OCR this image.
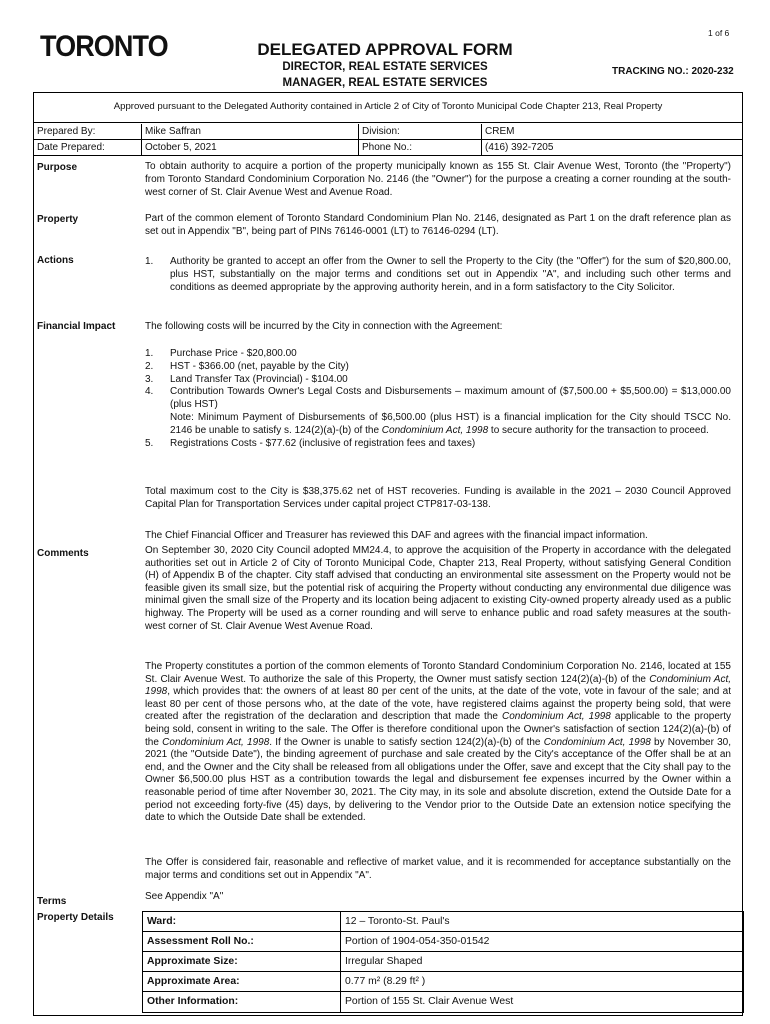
1 of 6
TORONTO	DELEGATED APPROVAL FORM
DIRECTOR, REAL ESTATE SERVICES
MANAGER, REAL ESTATE SERVICES
TRACKING NO.: 2020-232
Approved pursuant to the Delegated Authority contained in Article 2 of City of Toronto Municipal Code Chapter 213, Real Property
Prepared By:	Mike Saffran	Division:	CREM
Date Prepared:	October 5, 2021	Phone No.:	(416) 392-7205
Purpose	To obtain authority to acquire a portion of the property municipally known as 155 St. Clair Avenue West, Toronto (the "Property") from Toronto Standard Condominium Corporation No. 2146 (the "Owner") for the purpose a creating a corner rounding at the south-west corner of St. Clair Avenue West and Avenue Road.
Property	Part of the common element of Toronto Standard Condominium Plan No. 2146, designated as Part 1 on the draft reference plan as set out in Appendix "B", being part of PINs 76146-0001 (LT) to 76146-0294 (LT).
Actions	1. Authority be granted to accept an offer from the Owner to sell the Property to the City (the "Offer") for the sum of $20,800.00, plus HST, substantially on the major terms and conditions set out in Appendix "A", and including such other terms and conditions as deemed appropriate by the approving authority herein, and in a form satisfactory to the City Solicitor.
Financial Impact	The following costs will be incurred by the City in connection with the Agreement:
1. Purchase Price - $20,800.00
2. HST - $366.00 (net, payable by the City)
3. Land Transfer Tax (Provincial) - $104.00
4. Contribution Towards Owner's Legal Costs and Disbursements – maximum amount of ($7,500.00 + $5,500.00) = $13,000.00 (plus HST)
Note: Minimum Payment of Disbursements of $6,500.00 (plus HST) is a financial implication for the City should TSCC No. 2146 be unable to satisfy s. 124(2)(a)-(b) of the Condominium Act, 1998 to secure authority for the transaction to proceed.
5. Registrations Costs - $77.62 (inclusive of registration fees and taxes)
Total maximum cost to the City is $38,375.62 net of HST recoveries. Funding is available in the 2021 – 2030 Council Approved Capital Plan for Transportation Services under capital project CTP817-03-138.
The Chief Financial Officer and Treasurer has reviewed this DAF and agrees with the financial impact information.
Comments	On September 30, 2020 City Council adopted MM24.4, to approve the acquisition of the Property in accordance with the delegated authorities set out in Article 2 of City of Toronto Municipal Code, Chapter 213, Real Property, without satisfying General Condition (H) of Appendix B of the chapter. City staff advised that conducting an environmental site assessment on the Property would not be feasible given its small size, but the potential risk of acquiring the Property without conducting any environmental due diligence was minimal given the small size of the Property and its location being adjacent to existing City-owned property already used as a public highway. The Property will be used as a corner rounding and will serve to enhance public and road safety measures at the south-west corner of St. Clair Avenue West Avenue Road.
The Property constitutes a portion of the common elements of Toronto Standard Condominium Corporation No. 2146, located at 155 St. Clair Avenue West. To authorize the sale of this Property, the Owner must satisfy section 124(2)(a)-(b) of the Condominium Act, 1998, which provides that: the owners of at least 80 per cent of the units, at the date of the vote, vote in favour of the sale; and at least 80 per cent of those persons who, at the date of the vote, have registered claims against the property being sold, that were created after the registration of the declaration and description that made the Condominium Act, 1998 applicable to the property being sold, consent in writing to the sale. The Offer is therefore conditional upon the Owner's satisfaction of section 124(2)(a)-(b) of the Condominium Act, 1998. If the Owner is unable to satisfy section 124(2)(a)-(b) of the Condominium Act, 1998 by November 30, 2021 (the "Outside Date"), the binding agreement of purchase and sale created by the City's acceptance of the Offer shall be at an end, and the Owner and the City shall be released from all obligations under the Offer, save and except that the City shall pay to the Owner $6,500.00 plus HST as a contribution towards the legal and disbursement fee expenses incurred by the Owner within a reasonable period of time after November 30, 2021. The City may, in its sole and absolute discretion, extend the Outside Date for a period not exceeding forty-five (45) days, by delivering to the Vendor prior to the Outside Date an extension notice specifying the date to which the Outside Date shall be extended.
The Offer is considered fair, reasonable and reflective of market value, and it is recommended for acceptance substantially on the major terms and conditions set out in Appendix "A".
Terms	See Appendix "A"
Property Details	Ward:	12 – Toronto-St. Paul's
Assessment Roll No.:	Portion of 1904-054-350-01542
Approximate Size:	Irregular Shaped
Approximate Area:	0.77 m² (8.29 ft² )
Other Information:	Portion of 155 St. Clair Avenue West
